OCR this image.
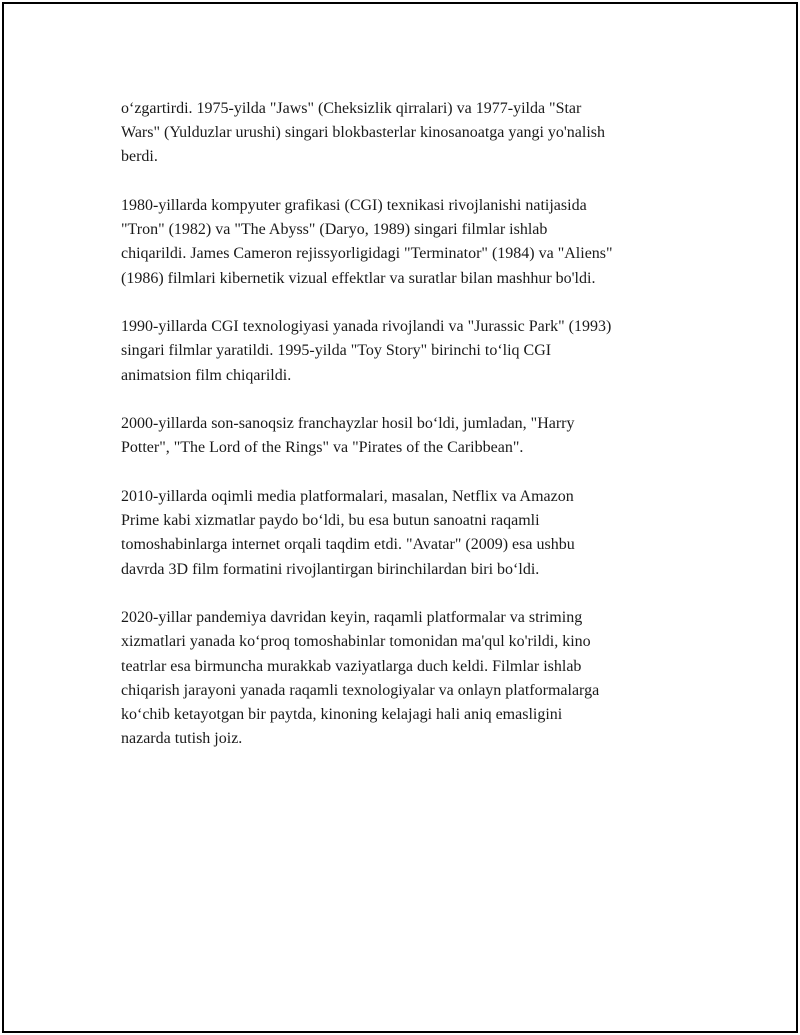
o‘zgartirdi. 1975-yilda "Jaws" (Cheksizlik qirralari) va 1977-yilda "Star
Wars" (Yulduzlar urushi) singari blokbasterlar kinosanoatga yangi yo'nalish
berdi.

1980-yillarda kompyuter grafikasi (CGI) texnikasi rivojlanishi natijasida
"Tron" (1982) va "The Abyss" (Daryo, 1989) singari filmlar ishlab
chiqarildi. James Cameron rejissyorligidagi "Terminator" (1984) va "Aliens"
(1986) filmlari kibernetik vizual effektlar va suratlar bilan mashhur bo'ldi.

1990-yillarda CGI texnologiyasi yanada rivojlandi va "Jurassic Park" (1993)
singari filmlar yaratildi. 1995-yilda "Toy Story" birinchi to‘liq CGI
animatsion film chiqarildi.

2000-yillarda son-sanoqsiz franchayzlar hosil bo‘ldi, jumladan, "Harry
Potter", "The Lord of the Rings" va "Pirates of the Caribbean".

2010-yillarda oqimli media platformalari, masalan, Netflix va Amazon
Prime kabi xizmatlar paydo bo‘ldi, bu esa butun sanoatni raqamli
tomoshabinlarga internet orqali taqdim etdi. "Avatar" (2009) esa ushbu
davrda 3D film formatini rivojlantirgan birinchilardan biri bo‘ldi.

2020-yillar pandemiya davridan keyin, raqamli platformalar va striming
xizmatlari yanada ko‘proq tomoshabinlar tomonidan ma'qul ko'rildi, kino
teatrlar esa birmuncha murakkab vaziyatlarga duch keldi. Filmlar ishlab
chiqarish jarayoni yanada raqamli texnologiyalar va onlayn platformalarga
ko‘chib ketayotgan bir paytda, kinoning kelajagi hali aniq emasligini
nazarda tutish joiz.
